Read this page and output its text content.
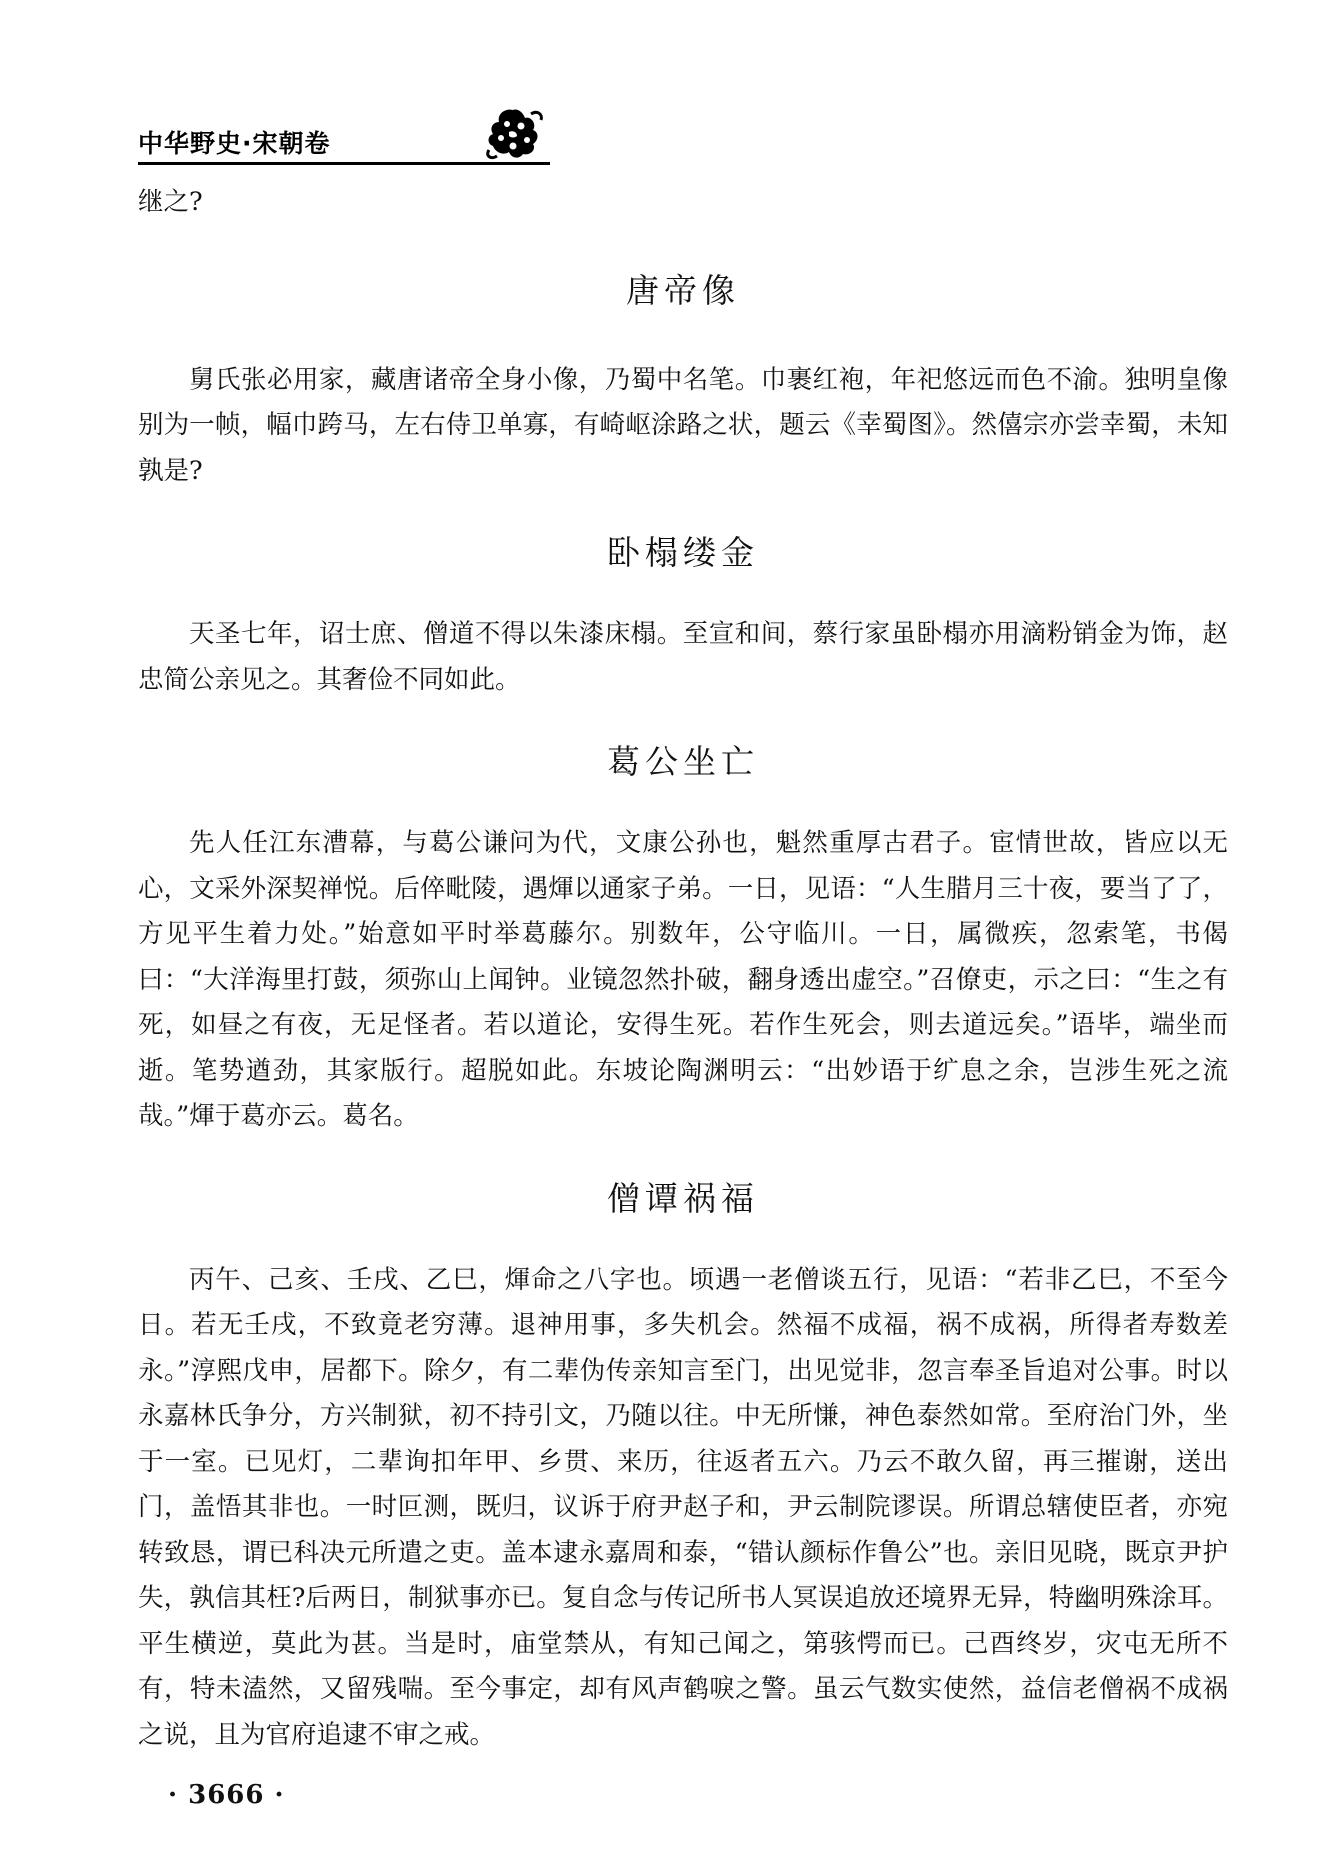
中华野史·宋朝卷

继之?

唐帝像

舅氏张必用家，藏唐诸帝全身小像，乃蜀中名笔。巾裹红袍，年祀悠远而色不渝。独明皇像别为一帧，幅巾跨马，左右侍卫单寡，有崎岖涂路之状，题云《幸蜀图》。然僖宗亦尝幸蜀，未知孰是?

卧榻缕金

天圣七年，诏士庶、僧道不得以朱漆床榻。至宣和间，蔡行家虽卧榻亦用滴粉销金为饰，赵忠简公亲见之。其奢俭不同如此。

葛公坐亡

先人任江东漕幕，与葛公谦问为代，文康公孙也，魁然重厚古君子。宦情世故，皆应以无心，文采外深契禅悦。后倅毗陵，遇煇以通家子弟。一日，见语：“人生腊月三十夜，要当了了，方见平生着力处。”始意如平时举葛藤尔。别数年，公守临川。一日，属微疾，忽索笔，书偈曰：“大洋海里打鼓，须弥山上闻钟。业镜忽然扑破，翻身透出虚空。”召僚吏，示之曰：“生之有死，如昼之有夜，无足怪者。若以道论，安得生死。若作生死会，则去道远矣。”语毕，端坐而逝。笔势遒劲，其家版行。超脱如此。东坡论陶渊明云：“出妙语于纩息之余，岂涉生死之流哉。”煇于葛亦云。葛名。

僧谭祸福

丙午、己亥、壬戌、乙巳，煇命之八字也。顷遇一老僧谈五行，见语：“若非乙巳，不至今日。若无壬戌，不致竟老穷薄。退神用事，多失机会。然福不成福，祸不成祸，所得者寿数差永。”淳熙戊申，居都下。除夕，有二辈伪传亲知言至门，出见觉非，忽言奉圣旨追对公事。时以永嘉林氏争分，方兴制狱，初不持引文，乃随以往。中无所慊，神色泰然如常。至府治门外，坐于一室。已见灯，二辈询扣年甲、乡贯、来历，往返者五六。乃云不敢久留，再三摧谢，送出门，盖悟其非也。一时叵测，既归，议诉于府尹赵子和，尹云制院谬误。所谓总辖使臣者，亦宛转致恳，谓已科决元所遣之吏。盖本逮永嘉周和泰，“错认颜标作鲁公”也。亲旧见晓，既京尹护失，孰信其枉?后两日，制狱事亦已。复自念与传记所书人冥误追放还境界无异，特幽明殊涂耳。平生横逆，莫此为甚。当是时，庙堂禁从，有知己闻之，第骇愕而已。己酉终岁，灾屯无所不有，特未溘然，又留残喘。至今事定，却有风声鹤唳之警。虽云气数实使然，益信老僧祸不成祸之说，且为官府追逮不审之戒。

· 3666 ·
